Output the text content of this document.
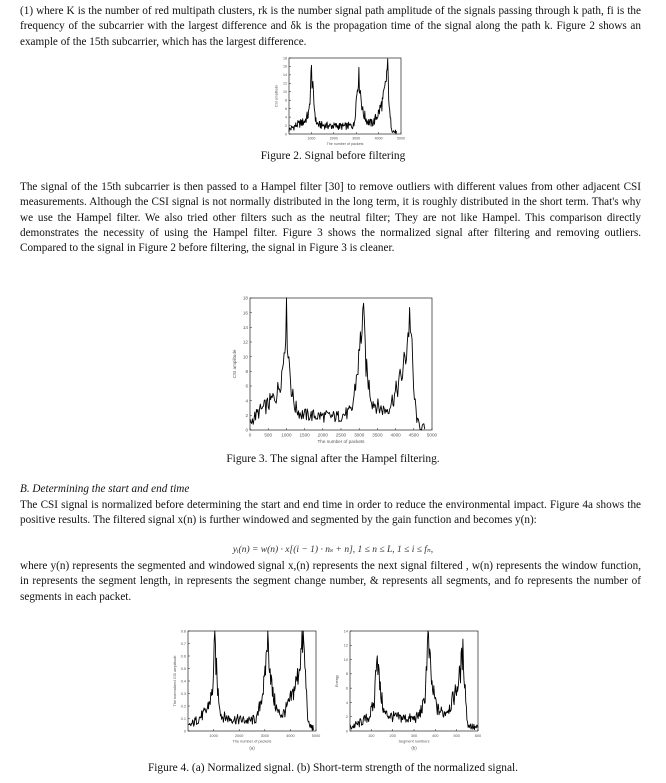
(1) where K is the number of red multipath clusters, rk is the number signal path amplitude of the signals passing through k path, fi is the frequency of the subcarrier with the largest difference and δk is the propagation time of the signal along the path k. Figure 2 shows an example of the 15th subcarrier, which has the largest difference.

0
2
4
6
8
10
12
14
16
18
1000	2000	3000	4000	5000
The number of packets
CSI amplitude

Figure 2. Signal before filtering

The signal of the 15th subcarrier is then passed to a Hampel filter [30] to remove outliers with different values from other adjacent CSI measurements. Although the CSI signal is not normally distributed in the long term, it is roughly distributed in the short term. That's why we use the Hampel filter. We also tried other filters such as the neutral filter; They are not like Hampel. This comparison directly demonstrates the necessity of using the Hampel filter. Figure 3 shows the normalized signal after filtering and removing outliers. Compared to the signal in Figure 2 before filtering, the signal in Figure 3 is cleaner.

0
2
4
6
8
10
12
14
16
18
0	500 1000 1500 2000 2500 3000 3500 4000 4500 5000
The number of packets
CSI amplitude

Figure 3. The signal after the Hampel filtering.

B. Determining the start and end time

The CSI signal is normalized before determining the start and end time in order to reduce the environmental impact. Figure 4a shows the positive results. The filtered signal x(n) is further windowed and segmented by the gain function and becomes y(n):

yᵢ(n) = w(n) · x[(i − 1) · nₛ + n], 1 ≤ n ≤ L, 1 ≤ i ≤ fₙ,

where y(n) represents the segmented and windowed signal x,(n) represents the next signal filtered , w(n) represents the window function, in represents the segment length, in represents the segment change number, & represents all segments, and fo represents the number of segments in each packet.

0
0.1
0.2
0.3
0.4
0.5
0.6
0.7
0.8
1000	2000	3000	4000	5000
The number of packets
The normalized CSI amplitude
(a)
0
2
4
6
8
10
12
14
100	200	300	400	500	600
Segment numbers
Energy
(b)

Figure 4. (a) Normalized signal. (b) Short-term strength of the normalized signal.
